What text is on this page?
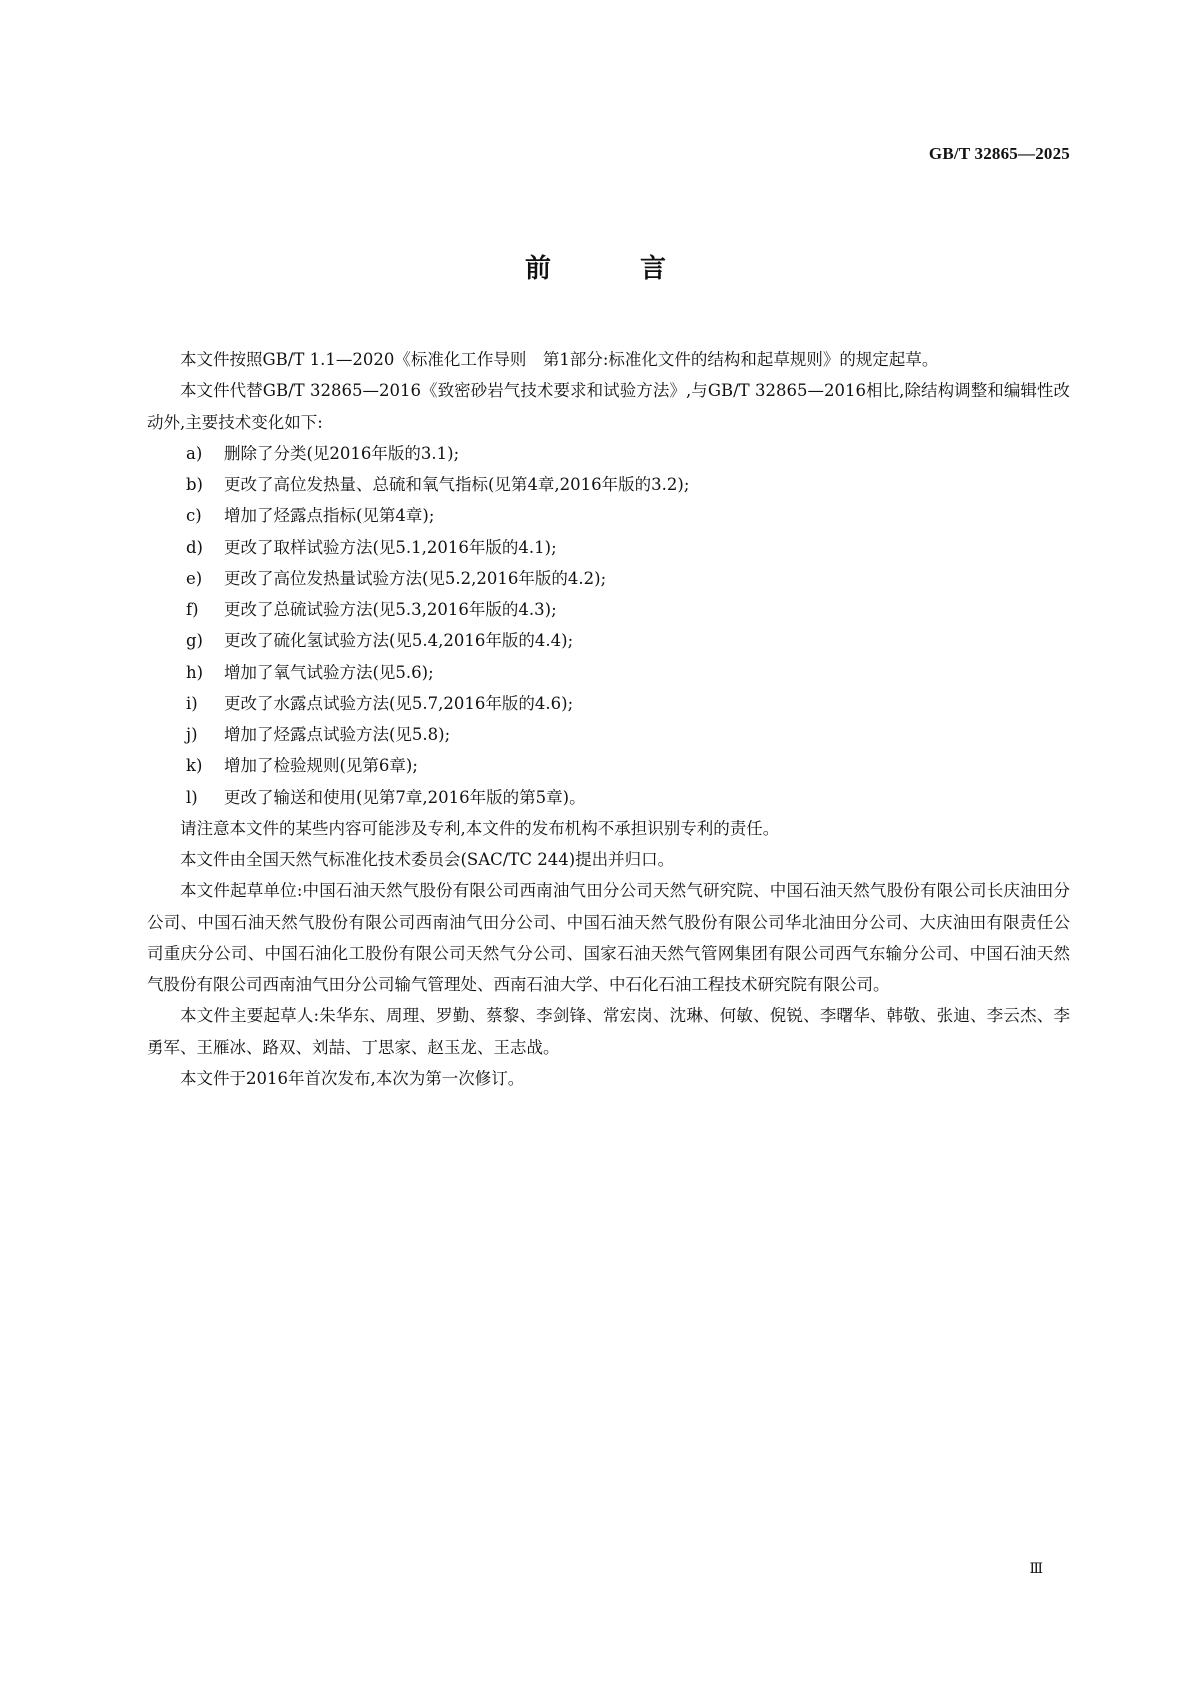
GB/T 32865—2025
前 言

本文件按照GB/T 1.1—2020《标准化工作导则　第1部分:标准化文件的结构和起草规则》的规定起草。

本文件代替GB/T 32865—2016《致密砂岩气技术要求和试验方法》,与GB/T 32865—2016相比,除结构调整和编辑性改动外,主要技术变化如下:

a) 删除了分类(见2016年版的3.1);
b) 更改了高位发热量、总硫和氧气指标(见第4章,2016年版的3.2);
c) 增加了烃露点指标(见第4章);
d) 更改了取样试验方法(见5.1,2016年版的4.1);
e) 更改了高位发热量试验方法(见5.2,2016年版的4.2);
f) 更改了总硫试验方法(见5.3,2016年版的4.3);
g) 更改了硫化氢试验方法(见5.4,2016年版的4.4);
h) 增加了氧气试验方法(见5.6);
i) 更改了水露点试验方法(见5.7,2016年版的4.6);
j) 增加了烃露点试验方法(见5.8);
k) 增加了检验规则(见第6章);
l) 更改了输送和使用(见第7章,2016年版的第5章)。

请注意本文件的某些内容可能涉及专利,本文件的发布机构不承担识别专利的责任。

本文件由全国天然气标准化技术委员会(SAC/TC 244)提出并归口。

本文件起草单位:中国石油天然气股份有限公司西南油气田分公司天然气研究院、中国石油天然气股份有限公司长庆油田分公司、中国石油天然气股份有限公司西南油气田分公司、中国石油天然气股份有限公司华北油田分公司、大庆油田有限责任公司重庆分公司、中国石油化工股份有限公司天然气分公司、国家石油天然气管网集团有限公司西气东输分公司、中国石油天然气股份有限公司西南油气田分公司输气管理处、西南石油大学、中石化石油工程技术研究院有限公司。

本文件主要起草人:朱华东、周理、罗勤、蔡黎、李剑锋、常宏岗、沈琳、何敏、倪锐、李曙华、韩敬、张迪、李云杰、李勇军、王雁冰、路双、刘喆、丁思家、赵玉龙、王志战。

本文件于2016年首次发布,本次为第一次修订。

Ⅲ
